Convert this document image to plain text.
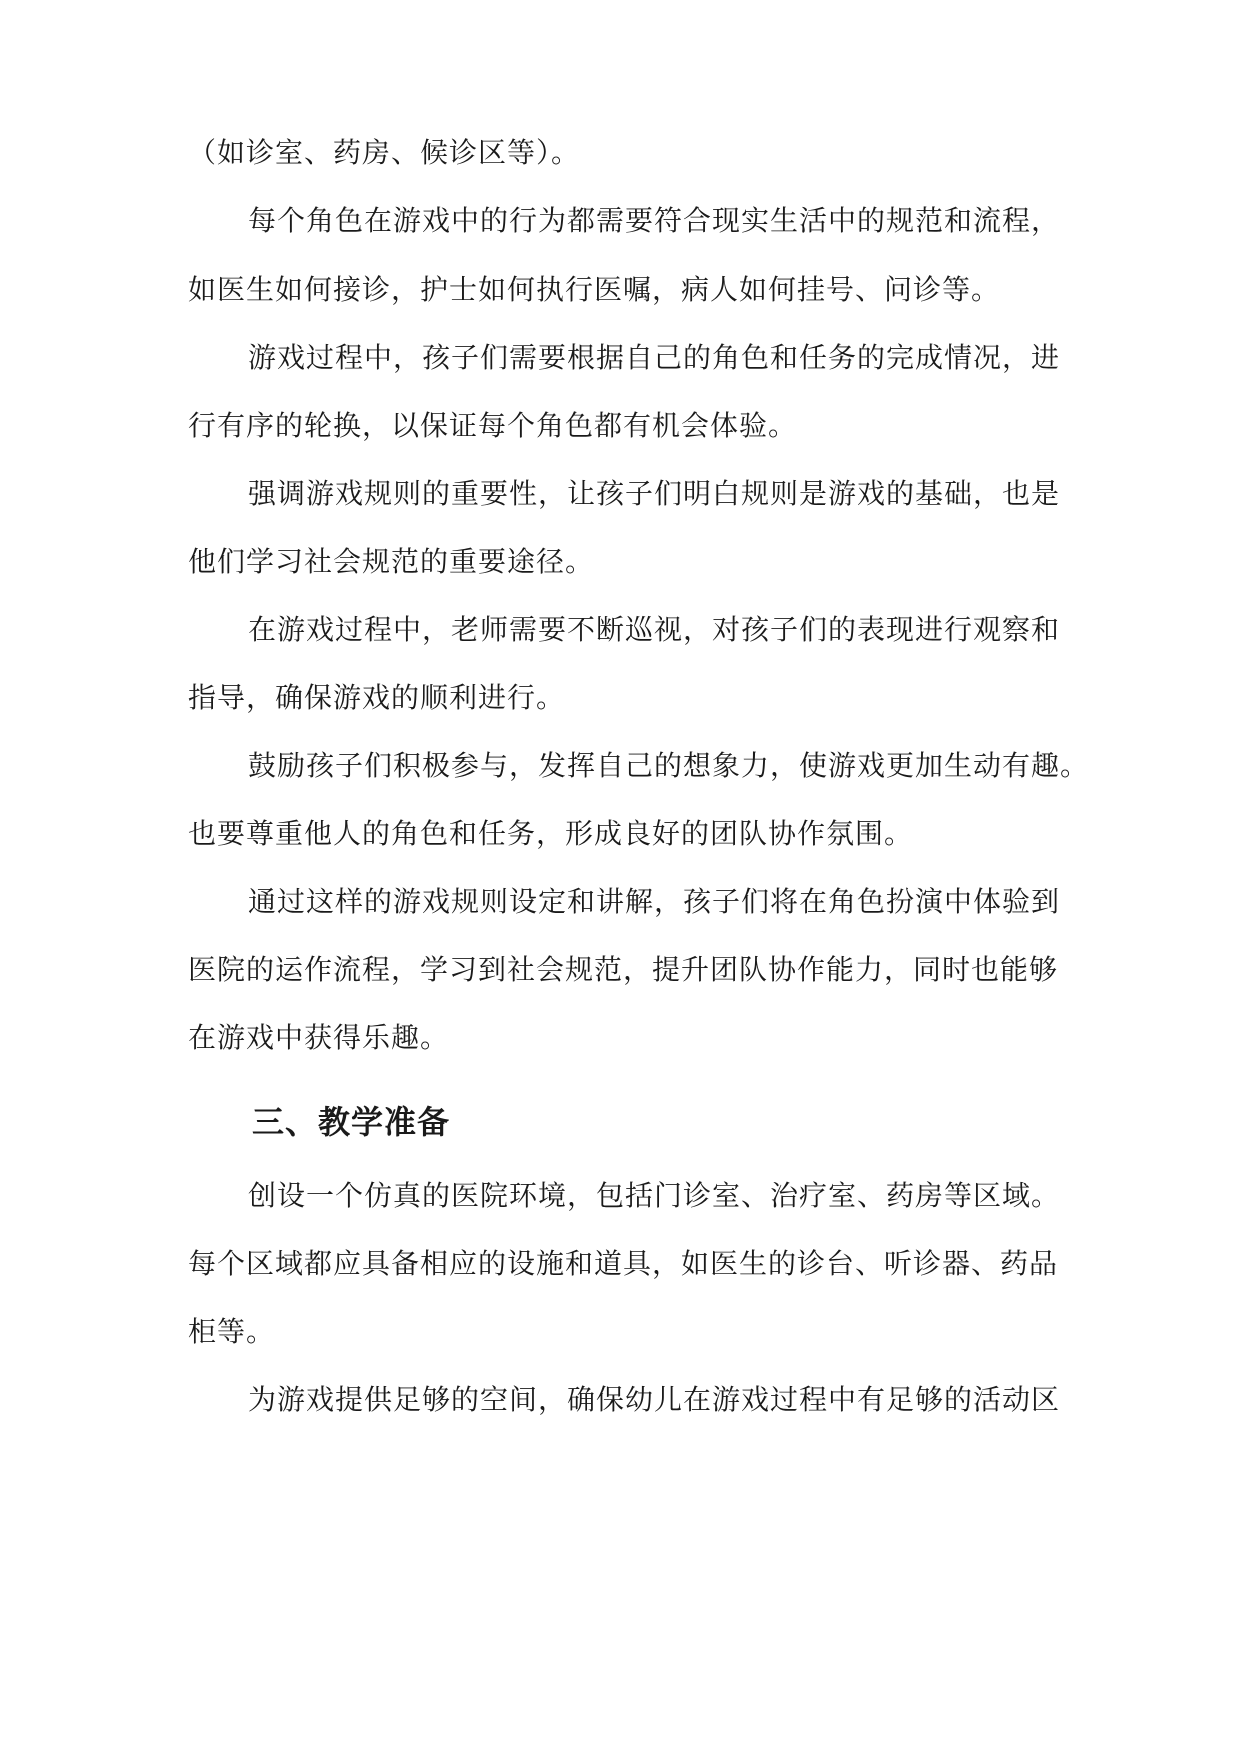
（如诊室、药房、候诊区等）。

每个角色在游戏中的行为都需要符合现实生活中的规范和流程，

如医生如何接诊，护士如何执行医嘱，病人如何挂号、问诊等。

游戏过程中，孩子们需要根据自己的角色和任务的完成情况，进

行有序的轮换，以保证每个角色都有机会体验。

强调游戏规则的重要性，让孩子们明白规则是游戏的基础，也是

他们学习社会规范的重要途径。

在游戏过程中，老师需要不断巡视，对孩子们的表现进行观察和

指导，确保游戏的顺利进行。

鼓励孩子们积极参与，发挥自己的想象力，使游戏更加生动有趣。

也要尊重他人的角色和任务，形成良好的团队协作氛围。

通过这样的游戏规则设定和讲解，孩子们将在角色扮演中体验到

医院的运作流程，学习到社会规范，提升团队协作能力，同时也能够

在游戏中获得乐趣。

三、教学准备

创设一个仿真的医院环境，包括门诊室、治疗室、药房等区域。

每个区域都应具备相应的设施和道具，如医生的诊台、听诊器、药品

柜等。

为游戏提供足够的空间，确保幼儿在游戏过程中有足够的活动区
